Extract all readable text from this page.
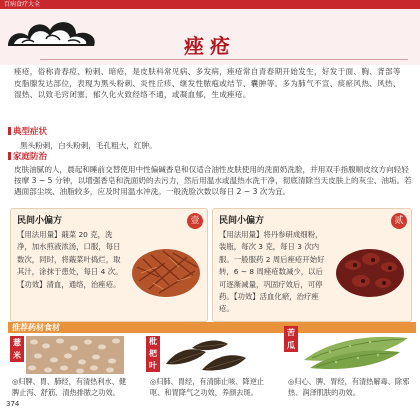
百病食疗大全
痤疮
痤疮，俗称青春痘、粉刺、暗疮，是皮肤科常见病、多发病，痤疮常自青春期开始发生，好发于面、胸、背部等皮脂腺发达部位，表现为黑头粉刺、炎性丘疹、继发性脓疱或结节、囊肿等。多为肺气不宣、痰瘀风热、风热、湿热、以致毛窍闭塞，郁久化火致经络不通，或凝血郁，生成痤疮。
典型症状
黑头粉刺，白头粉刺，毛孔粗大，红肿。
家庭防治
皮肤油腻的人，晨起和睡前交替使用中性偏碱香皂和仅适合油性皮肤使用的洗面奶洗脸，并用双手指腹顺皮纹方向轻轻按摩 3 ~ 5 分钟，以增强香皂和洗面奶的去污力，然后用温水或温热水洗干净，彻底清除当天皮肤上的灰尘、油垢。若遇面部尘埃、油脂较多，应及时用温水冲洗。一般洗脸次数以每日 2 ~ 3 次为宜。
民间小偏方
【用法用量】蕺菜 20 克，洗净，加水煎液浓汤，口服，每日数次，同时，将蕺菜叶捣烂，取其汁，涂抹于患处，每日 4 次。【功效】清血，通络，治痤疮。
壹	民间小偏方
【用法用量】将丹参研成细粉，装瓶，每次 3 克，每日 3 次内服。一般服药 2 周后痤疮开始好转，6 ~ 8 周痤疮数减少，以后可逐渐减量，巩固疗效后，可停药。【功效】活血化瘀，治疗痤疮。
贰
推荐药材食材
薏米
◎归脾、胃、肺经，有清热利水、健脾止泻、舒筋、清热排脓之功效。
枇杷叶
◎归肺、胃经，有清肺止咳、降逆止呕、和胃降气之功效，养颜去斑。
苦瓜
◎归心、脾、胃经，有清热解毒、除邪热、润泽肌肤的功效。
374
